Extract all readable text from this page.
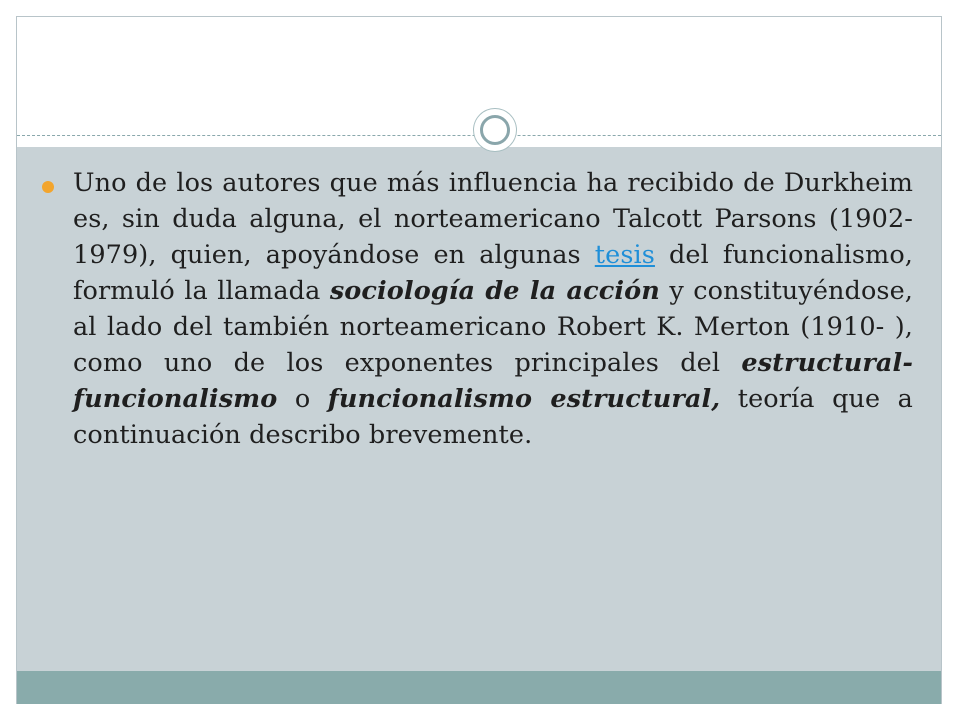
Uno de los autores que más influencia ha recibido de Durkheim es, sin duda alguna, el norteamericano Talcott Parsons (1902-1979), quien, apoyándose en algunas tesis del funcionalismo, formuló la llamada sociología de la acción y constituyéndose, al lado del también norteamericano Robert K. Merton (1910- ), como uno de los exponentes principales del estructural-funcionalismo o funcionalismo estructural, teoría que a continuación describo brevemente.
